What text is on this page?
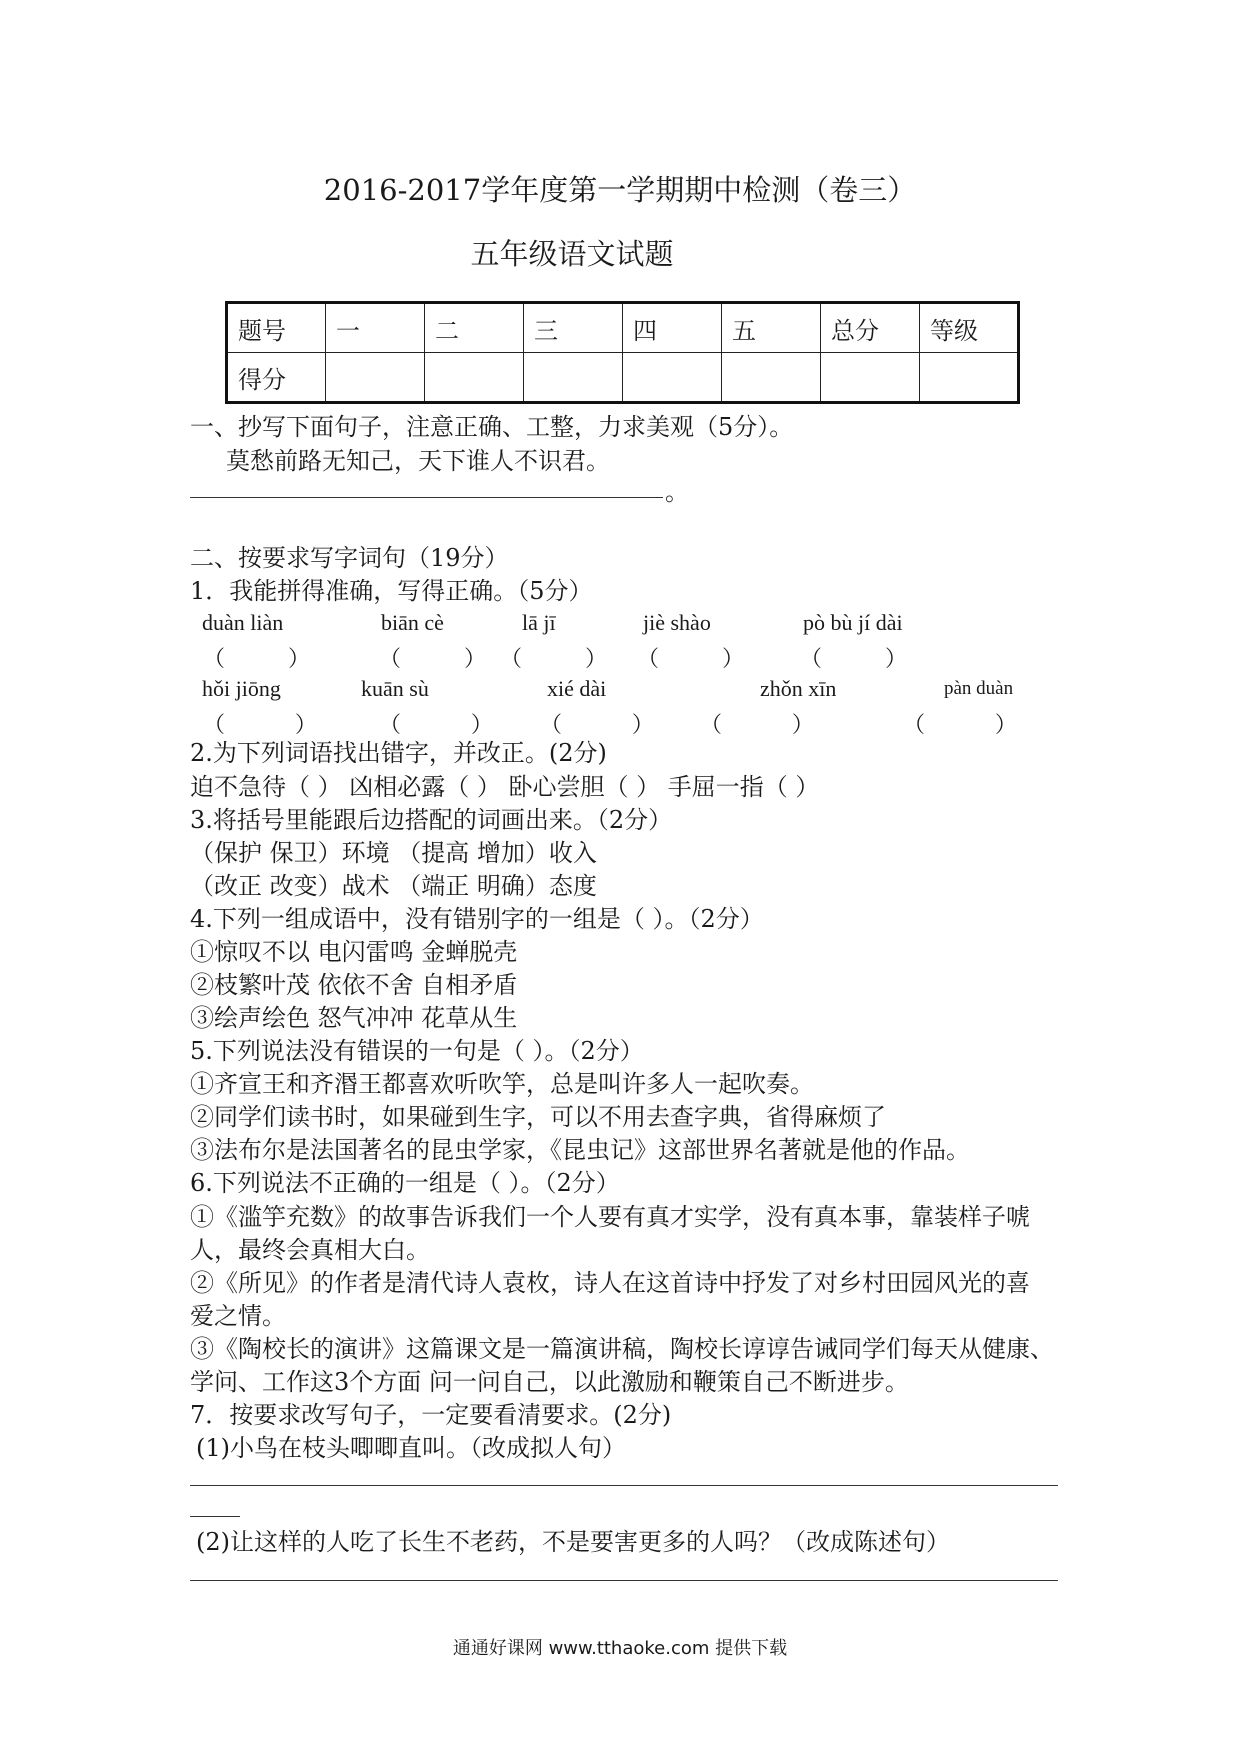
2016-2017学年度第一学期期中检测（卷三）
五年级语文试题
题号	一	二	三	四	五	总分	等级
得分							
一、抄写下面句子，注意正确、工整，力求美观（5分）。
莫愁前路无知己，天下谁人不识君。
。
二、按要求写字词句（19分）
1．我能拼得准确，写得正确。（5分）
duàn liàn	biān cè	lā jī	jiè shào	pò bù jí dài
（         ）	（         ） （         ） （         ）	（         ）
hǒi jiōng	kuān sù	xié dài	zhǒn xīn	pàn duàn
（          ）	（          ） （          ） （          ）	（          ）
2.为下列词语找出错字，并改正。(2分)
迫不急待（ ） 凶相必露（ ） 卧心尝胆（ ） 手屈一指（ ）
3.将括号里能跟后边搭配的词画出来。（2分）
（保护 保卫）环境 （提高 增加）收入
（改正 改变）战术 （端正 明确）态度
4.下列一组成语中，没有错别字的一组是（ ）。（2分）
①惊叹不以 电闪雷鸣 金蝉脱壳
②枝繁叶茂 依依不舍 自相矛盾
③绘声绘色 怒气冲冲 花草从生
5.下列说法没有错误的一句是（ ）。（2分）
①齐宣王和齐湣王都喜欢听吹竽，总是叫许多人一起吹奏。
②同学们读书时，如果碰到生字，可以不用去查字典，省得麻烦了
③法布尔是法国著名的昆虫学家，《昆虫记》这部世界名著就是他的作品。
6.下列说法不正确的一组是（ ）。（2分）
①《滥竽充数》的故事告诉我们一个人要有真才实学，没有真本事，靠装样子唬
人，最终会真相大白。
②《所见》的作者是清代诗人袁枚，诗人在这首诗中抒发了对乡村田园风光的喜
爱之情。
③《陶校长的演讲》这篇课文是一篇演讲稿，陶校长谆谆告诫同学们每天从健康、
学问、工作这3个方面 问一问自己，以此激励和鞭策自己不断进步。
7．按要求改写句子，一定要看清要求。(2分)
(1)小鸟在枝头唧唧直叫。（改成拟人句）
(2)让这样的人吃了长生不老药，不是要害更多的人吗？（改成陈述句）
通通好课网 www.tthaoke.com 提供下载
